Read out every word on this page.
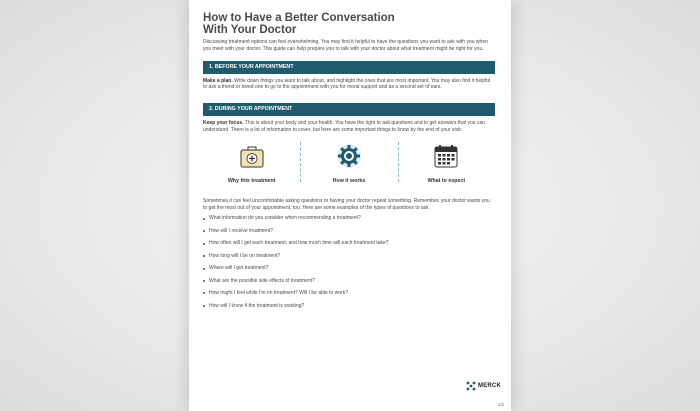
How to Have a Better Conversation
With Your Doctor

Discussing treatment options can feel overwhelming. You may find it helpful to have the questions you want to ask with you when you meet with your doctor. This guide can help prepare you to talk with your doctor about what treatment might be right for you.

1. BEFORE YOUR APPOINTMENT

Make a plan. Write down things you want to talk about, and highlight the ones that are most important. You may also find it helpful to ask a friend or loved one to go to the appointment with you for moral support and as a second set of ears.

2. DURING YOUR APPOINTMENT

Keep your focus. This is about your body and your health. You have the right to ask questions and to get answers that you can understand. There is a lot of information to cover, but here are some important things to know by the end of your visit:

Why this treatment	How it works	What to expect

Sometimes it can feel uncomfortable asking questions or having your doctor repeat something. Remember, your doctor wants you to get the most out of your appointment, too. Here are some examples of the types of questions to ask.

What information do you consider when recommending a treatment?
How will I receive treatment?
How often will I get each treatment, and how much time will each treatment take?
How long will I be on treatment?
Where will I get treatment?
What are the possible side effects of treatment?
How might I feel while I'm on treatment? Will I be able to work?
How will I know if the treatment is working?
MERCK
1/2
